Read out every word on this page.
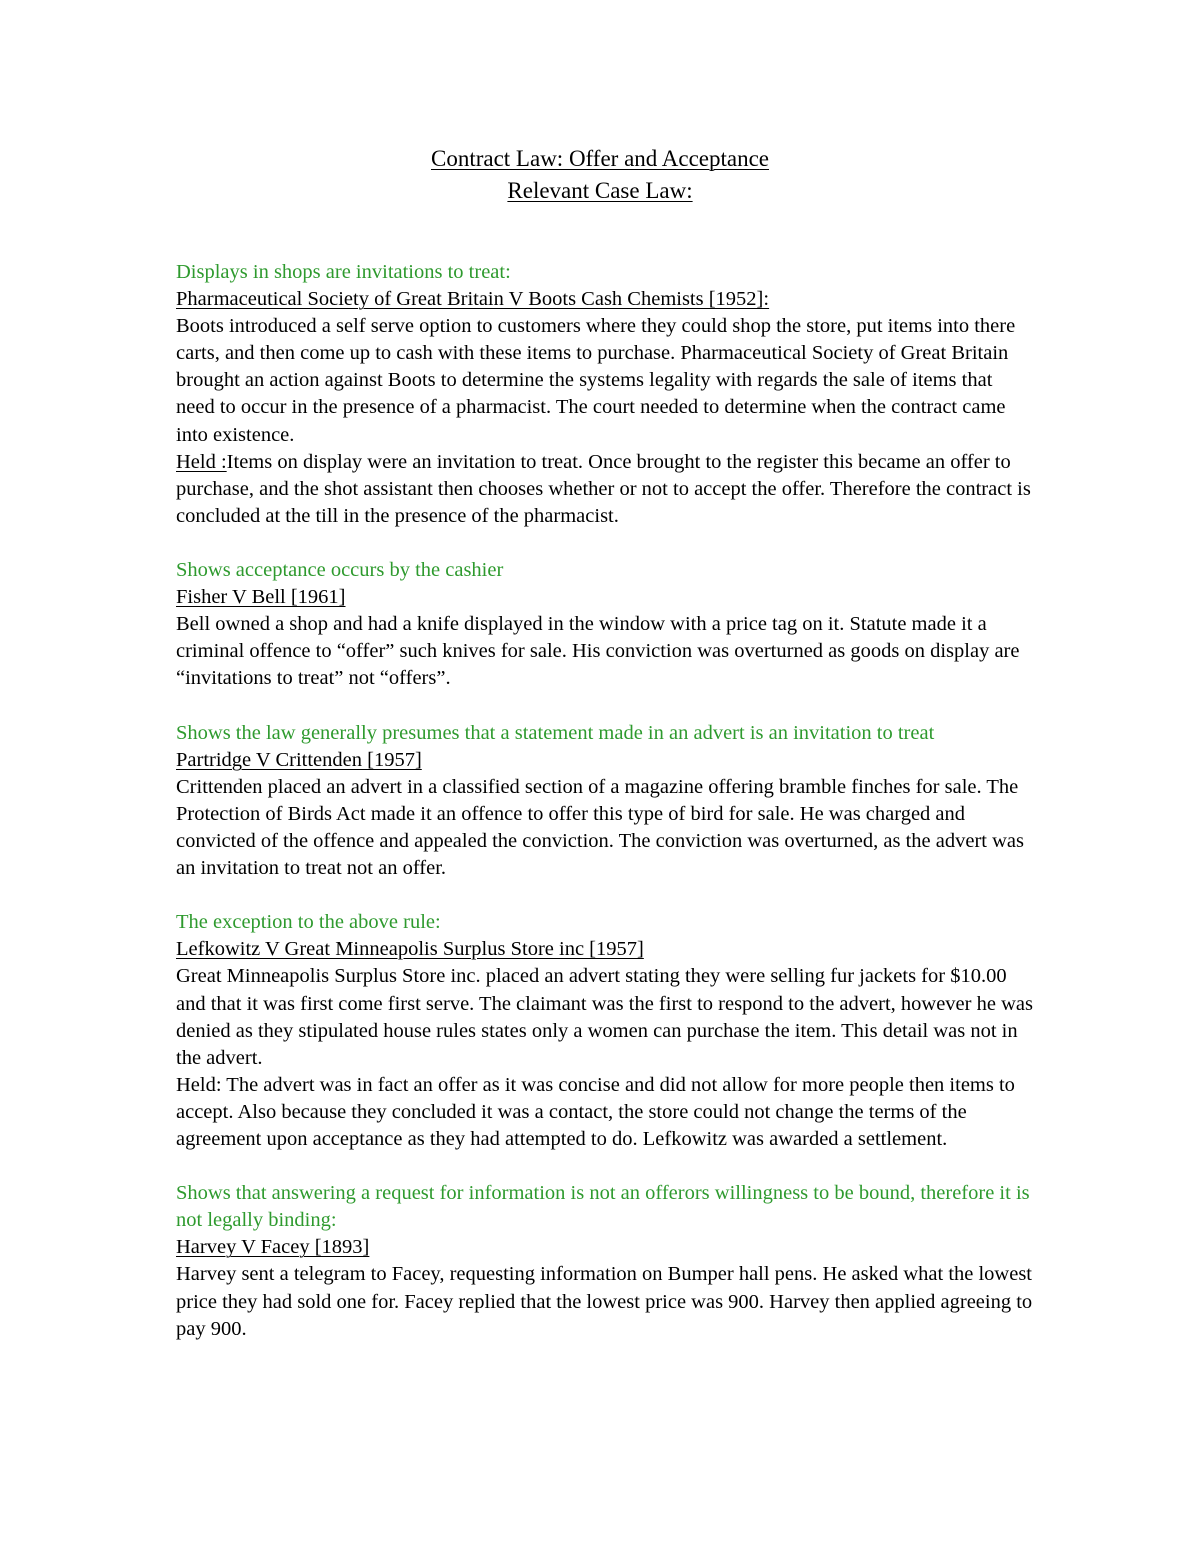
Contract Law: Offer and Acceptance
Relevant Case Law:

Displays in shops are invitations to treat:

Pharmaceutical Society of Great Britain V Boots Cash Chemists [1952]:

Boots introduced a self serve option to customers where they could shop the store, put items into there carts, and then come up to cash with these items to purchase. Pharmaceutical Society of Great Britain brought an action against Boots to determine the systems legality with regards the sale of items that need to occur in the presence of a pharmacist. The court needed to determine when the contract came into existence.

Held :Items on display were an invitation to treat. Once brought to the register this became an offer to purchase, and the shot assistant then chooses whether or not to accept the offer. Therefore the contract is concluded at the till in the presence of the pharmacist.

Shows acceptance occurs by the cashier

Fisher V Bell [1961]

Bell owned a shop and had a knife displayed in the window with a price tag on it. Statute made it a criminal offence to “offer” such knives for sale. His conviction was overturned as goods on display are “invitations to treat” not “offers”.

Shows the law generally presumes that a statement made in an advert is an invitation to treat

Partridge V Crittenden [1957]

Crittenden placed an advert in a classified section of a magazine offering bramble finches for sale. The Protection of Birds Act made it an offence to offer this type of bird for sale. He was charged and convicted of the offence and appealed the conviction. The conviction was overturned, as the advert was an invitation to treat not an offer.

The exception to the above rule:

Lefkowitz V Great Minneapolis Surplus Store inc [1957]

Great Minneapolis Surplus Store inc. placed an advert stating they were selling fur jackets for $10.00 and that it was first come first serve. The claimant was the first to respond to the advert, however he was denied as they stipulated house rules states only a women can purchase the item. This detail was not in the advert.

Held: The advert was in fact an offer as it was concise and did not allow for more people then items to accept. Also because they concluded it was a contact, the store could not change the terms of the agreement upon acceptance as they had attempted to do. Lefkowitz was awarded a settlement.

Shows that answering a request for information is not an offerors willingness to be bound, therefore it is not legally binding:

Harvey V Facey [1893]

Harvey sent a telegram to Facey, requesting information on Bumper hall pens. He asked what the lowest price they had sold one for. Facey replied that the lowest price was 900. Harvey then applied agreeing to pay 900.
